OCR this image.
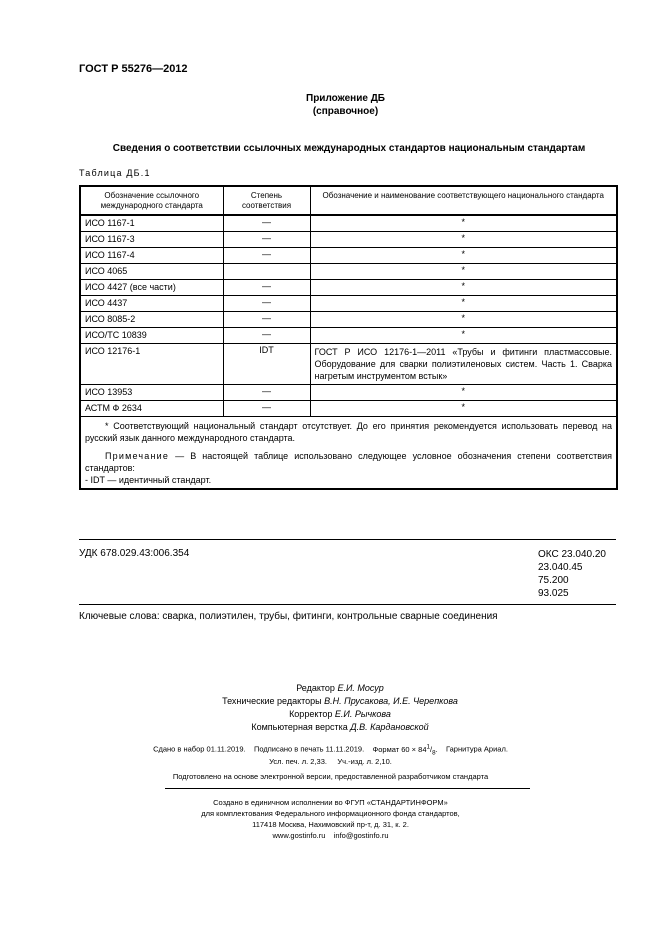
ГОСТ Р 55276—2012
Приложение ДБ
(справочное)
Сведения о соответствии ссылочных международных стандартов национальным стандартам
Таблица ДБ.1
Обозначение ссылочного международного стандарта	Степень соответствия	Обозначение и наименование соответствующего национального стандарта
ИСО 1167-1	—	*
ИСО 1167-3	—	*
ИСО 1167-4	—	*
ИСО 4065		*
ИСО 4427 (все части)	—	*
ИСО 4437	—	*
ИСО 8085-2	—	*
ИСО/ТС 10839	—	*
ИСО 12176-1	IDT	ГОСТ Р ИСО 12176-1—2011 «Трубы и фитинги пластмассовые. Оборудование для сварки полиэтиленовых систем. Часть 1. Сварка нагретым инструментом встык»
ИСО 13953	—	*
АСТМ Ф 2634	—	*

* Соответствующий национальный стандарт отсутствует. До его принятия рекомендуется использовать перевод на русский язык данного международного стандарта.

Примечание — В настоящей таблице использовано следующее условное обозначения степени соответствия стандартов:

- IDT — идентичный стандарт.		

УДК 678.029.43:006.354	ОКС 23.040.20
23.040.45
75.200
93.025
Ключевые слова: сварка, полиэтилен, трубы, фитинги, контрольные сварные соединения
Редактор Е.И. Мосур
Технические редакторы В.Н. Прусакова, И.Е. Черепкова
Корректор Е.И. Рычкова
Компьютерная верстка Д.В. Кардановской
Сдано в набор 01.11.2019. Подписано в печать 11.11.2019. Формат $60 \times 84^1/_8$. Гарнитура Ариал.
Усл. печ. л. 2,33. Уч.-изд. л. 2,10.
Подготовлено на основе электронной версии, предоставленной разработчиком стандарта
Создано в единичном исполнении во ФГУП «СТАНДАРТИНФОРМ»
для комплектования Федерального информационного фонда стандартов,
117418 Москва, Нахимовский пр-т, д. 31, к. 2.
www.gostinfo.ru    info@gostinfo.ru
